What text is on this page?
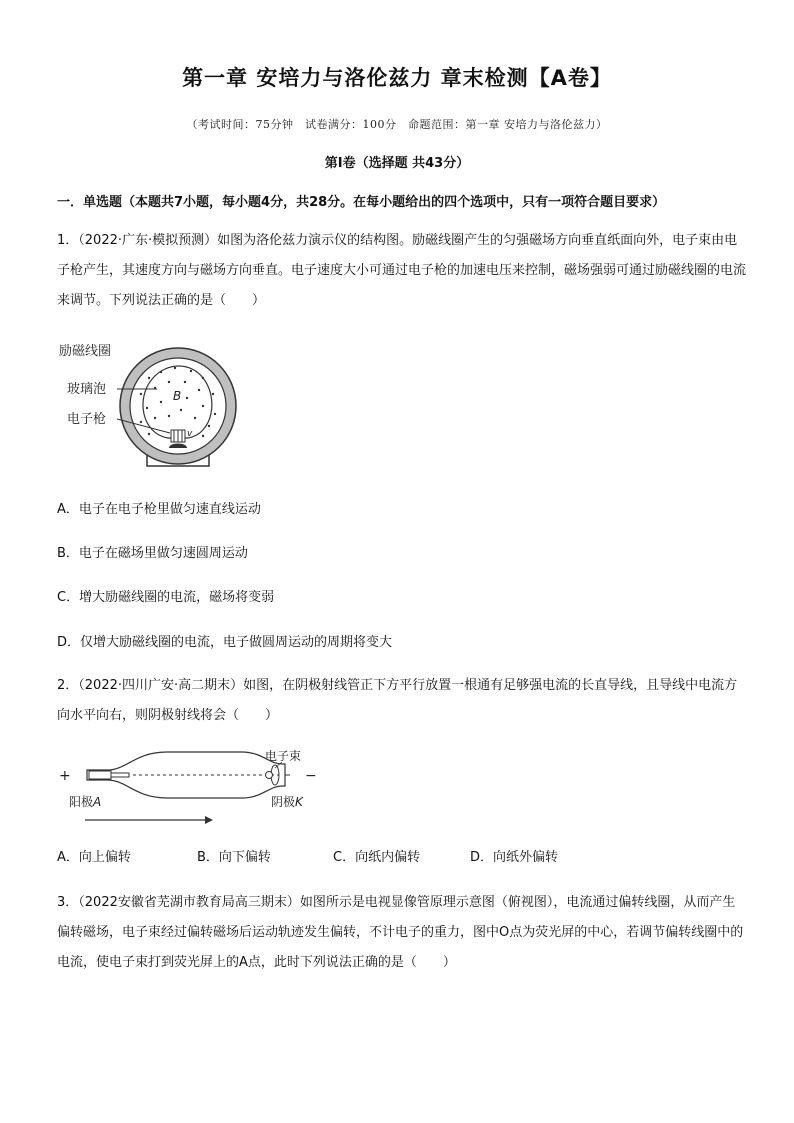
第一章 安培力与洛伦兹力 章末检测【A卷】
（考试时间：75分钟　试卷满分：100分　命题范围：第一章 安培力与洛伦兹力）
第Ⅰ卷（选择题 共43分）
一．单选题（本题共7小题，每小题4分，共28分。在每小题给出的四个选项中，只有一项符合题目要求）
1．（2022·广东·模拟预测）如图为洛伦兹力演示仪的结构图。励磁线圈产生的匀强磁场方向垂直纸面向外，电子束由电子枪产生，其速度方向与磁场方向垂直。电子速度大小可通过电子枪的加速电压来控制，磁场强弱可通过励磁线圈的电流来调节。下列说法正确的是（　　）
B
v
励磁线圈
玻璃泡
电子枪
A．电子在电子枪里做匀速直线运动
B．电子在磁场里做匀速圆周运动
C．增大励磁线圈的电流，磁场将变弱
D．仅增大励磁线圈的电流，电子做圆周运动的周期将变大
2．（2022·四川广安·高二期末）如图，在阴极射线管正下方平行放置一根通有足够强电流的长直导线，且导线中电流方向水平向右，则阴极射线将会（　　）
+	−
阳极A	阴极K
电子束
A．向上偏转	B．向下偏转	C．向纸内偏转	D．向纸外偏转
3．（2022安徽省芜湖市教育局高三期末）如图所示是电视显像管原理示意图（俯视图），电流通过偏转线圈，从而产生偏转磁场，电子束经过偏转磁场后运动轨迹发生偏转，不计电子的重力，图中O点为荧光屏的中心，若调节偏转线圈中的电流，使电子束打到荧光屏上的A点，此时下列说法正确的是（　　）
